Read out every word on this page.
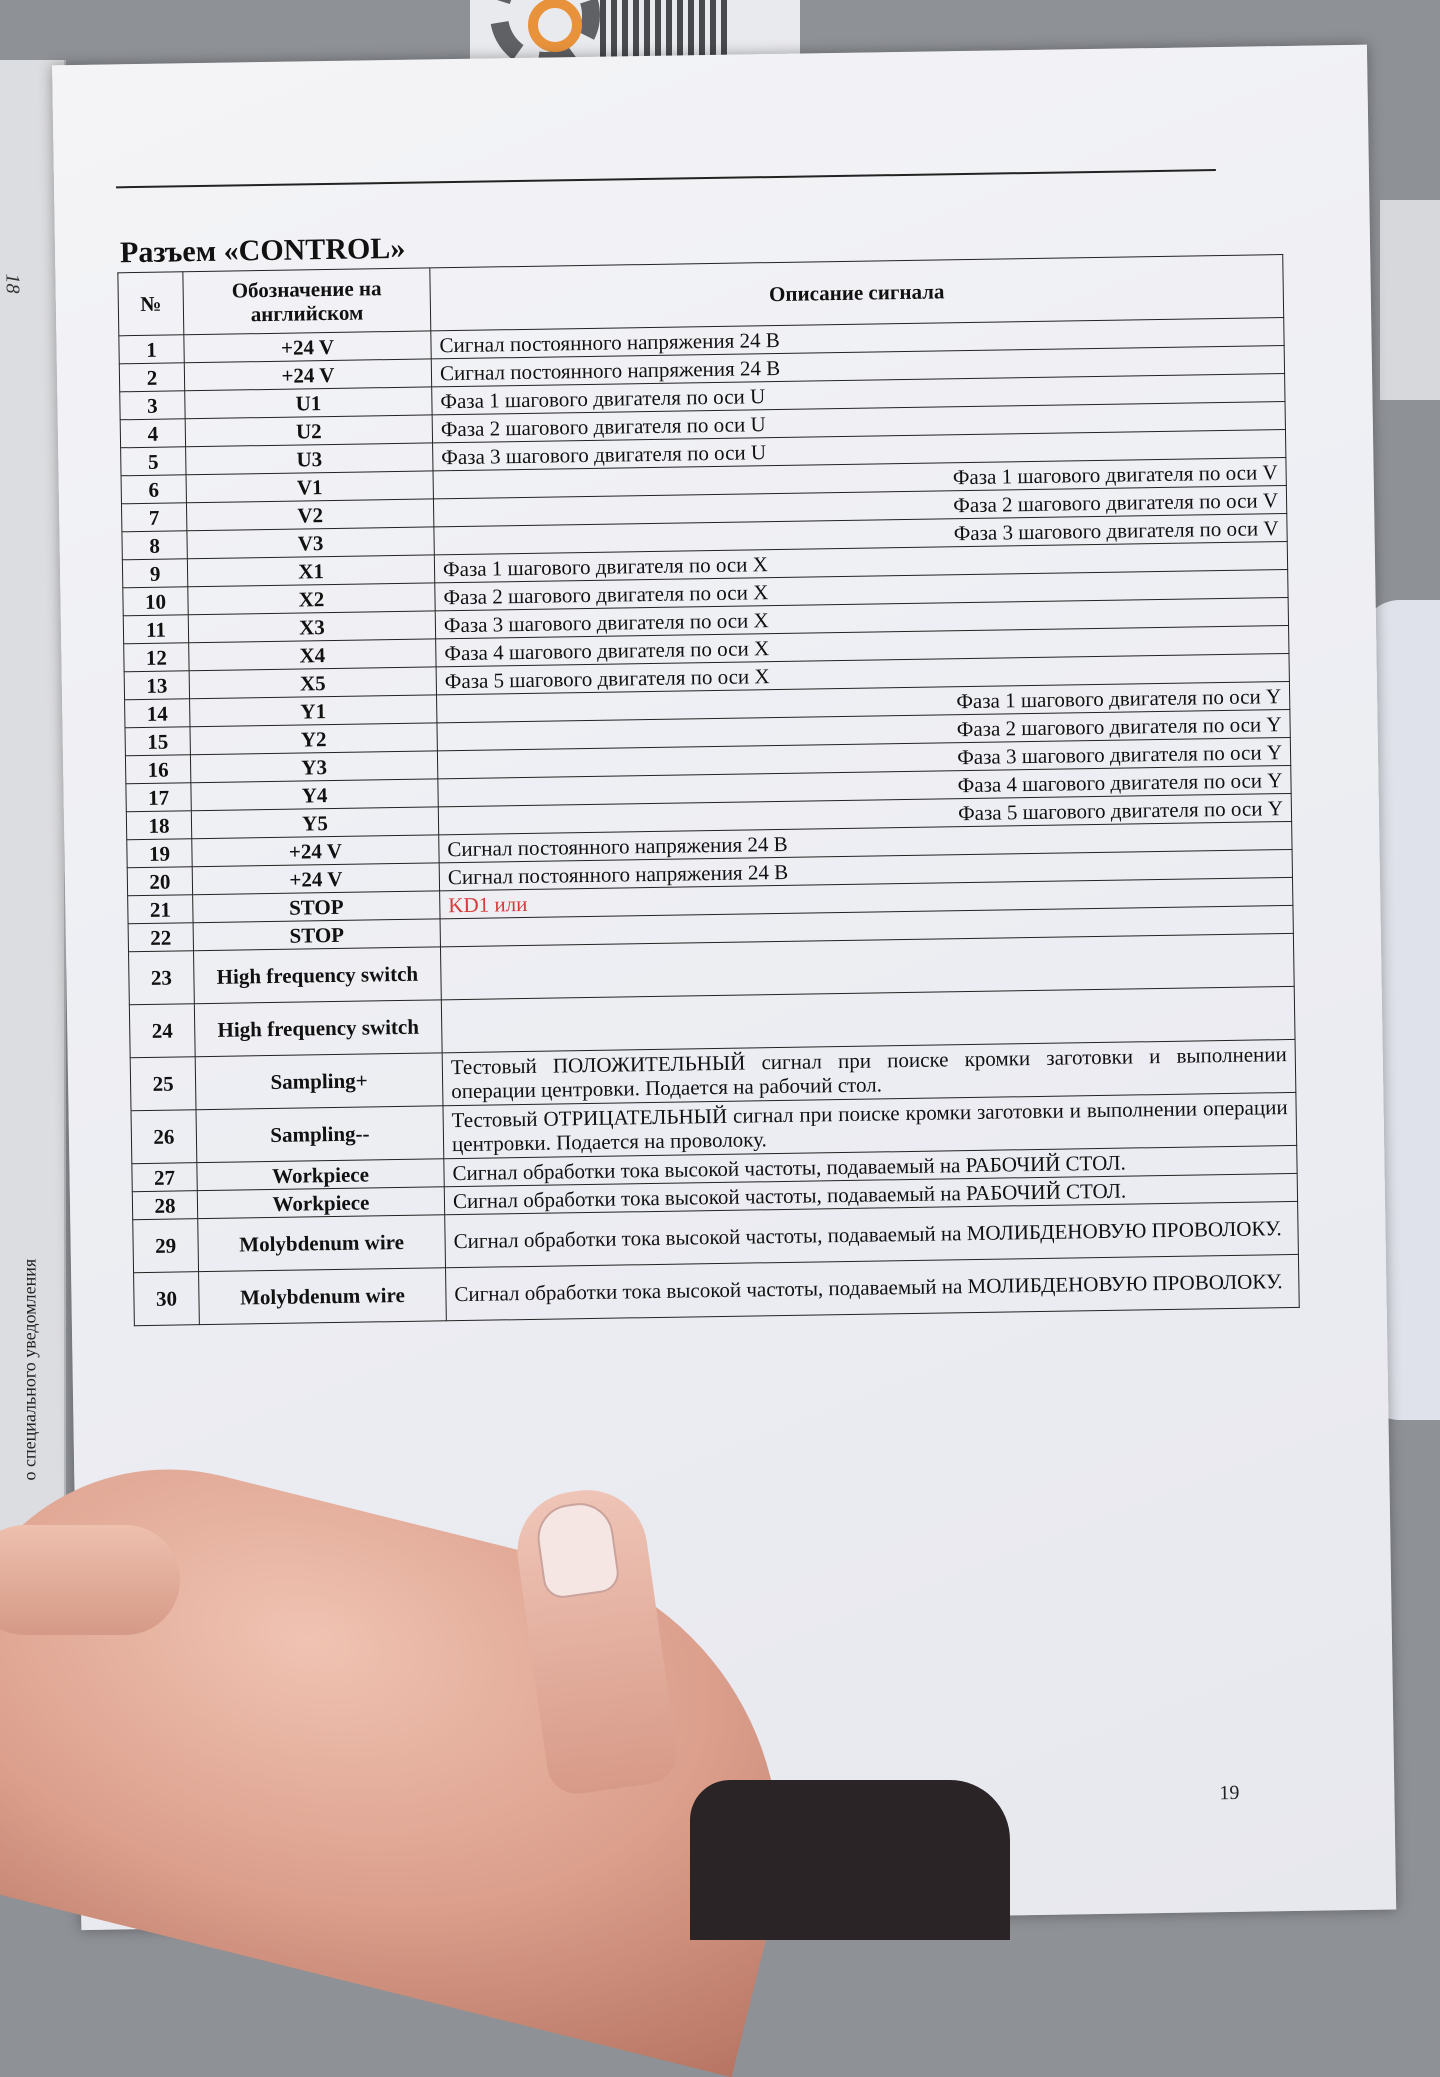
18
о специального уведомления
Разъем «CONTROL»
№	Обозначение на английском	Описание сигнала
1	+24 V	Сигнал постоянного напряжения 24 В
2	+24 V	Сигнал постоянного напряжения 24 В
3	U1	Фаза 1 шагового двигателя по оси U
4	U2	Фаза 2 шагового двигателя по оси U
5	U3	Фаза 3 шагового двигателя по оси U
6	V1	Фаза 1 шагового двигателя по оси V
7	V2	Фаза 2 шагового двигателя по оси V
8	V3	Фаза 3 шагового двигателя по оси V
9	X1	Фаза 1 шагового двигателя по оси X
10	X2	Фаза 2 шагового двигателя по оси X
11	X3	Фаза 3 шагового двигателя по оси X
12	X4	Фаза 4 шагового двигателя по оси X
13	X5	Фаза 5 шагового двигателя по оси X
14	Y1	Фаза 1 шагового двигателя по оси Y
15	Y2	Фаза 2 шагового двигателя по оси Y
16	Y3	Фаза 3 шагового двигателя по оси Y
17	Y4	Фаза 4 шагового двигателя по оси Y
18	Y5	Фаза 5 шагового двигателя по оси Y
19	+24 V	Сигнал постоянного напряжения 24 В
20	+24 V	Сигнал постоянного напряжения 24 В
21	STOP	KD1 или
22	STOP	
23	High frequency switch	
24	High frequency switch	
25	Sampling+	Тестовый ПОЛОЖИТЕЛЬНЫЙ сигнал при поиске кромки заготовки и выполнении операции центровки. Подается на рабочий стол.
26	Sampling--	Тестовый ОТРИЦАТЕЛЬНЫЙ сигнал при поиске кромки заготовки и выполнении операции центровки. Подается на проволоку.
27	Workpiece	Сигнал обработки тока высокой частоты, подаваемый на РАБОЧИЙ СТОЛ.
28	Workpiece	Сигнал обработки тока высокой частоты, подаваемый на РАБОЧИЙ СТОЛ.
29	Molybdenum wire	Сигнал обработки тока высокой частоты, подаваемый на МОЛИБДЕНОВУЮ ПРОВОЛОКУ.
30	Molybdenum wire	Сигнал обработки тока высокой частоты, подаваемый на МОЛИБДЕНОВУЮ ПРОВОЛОКУ.
19
